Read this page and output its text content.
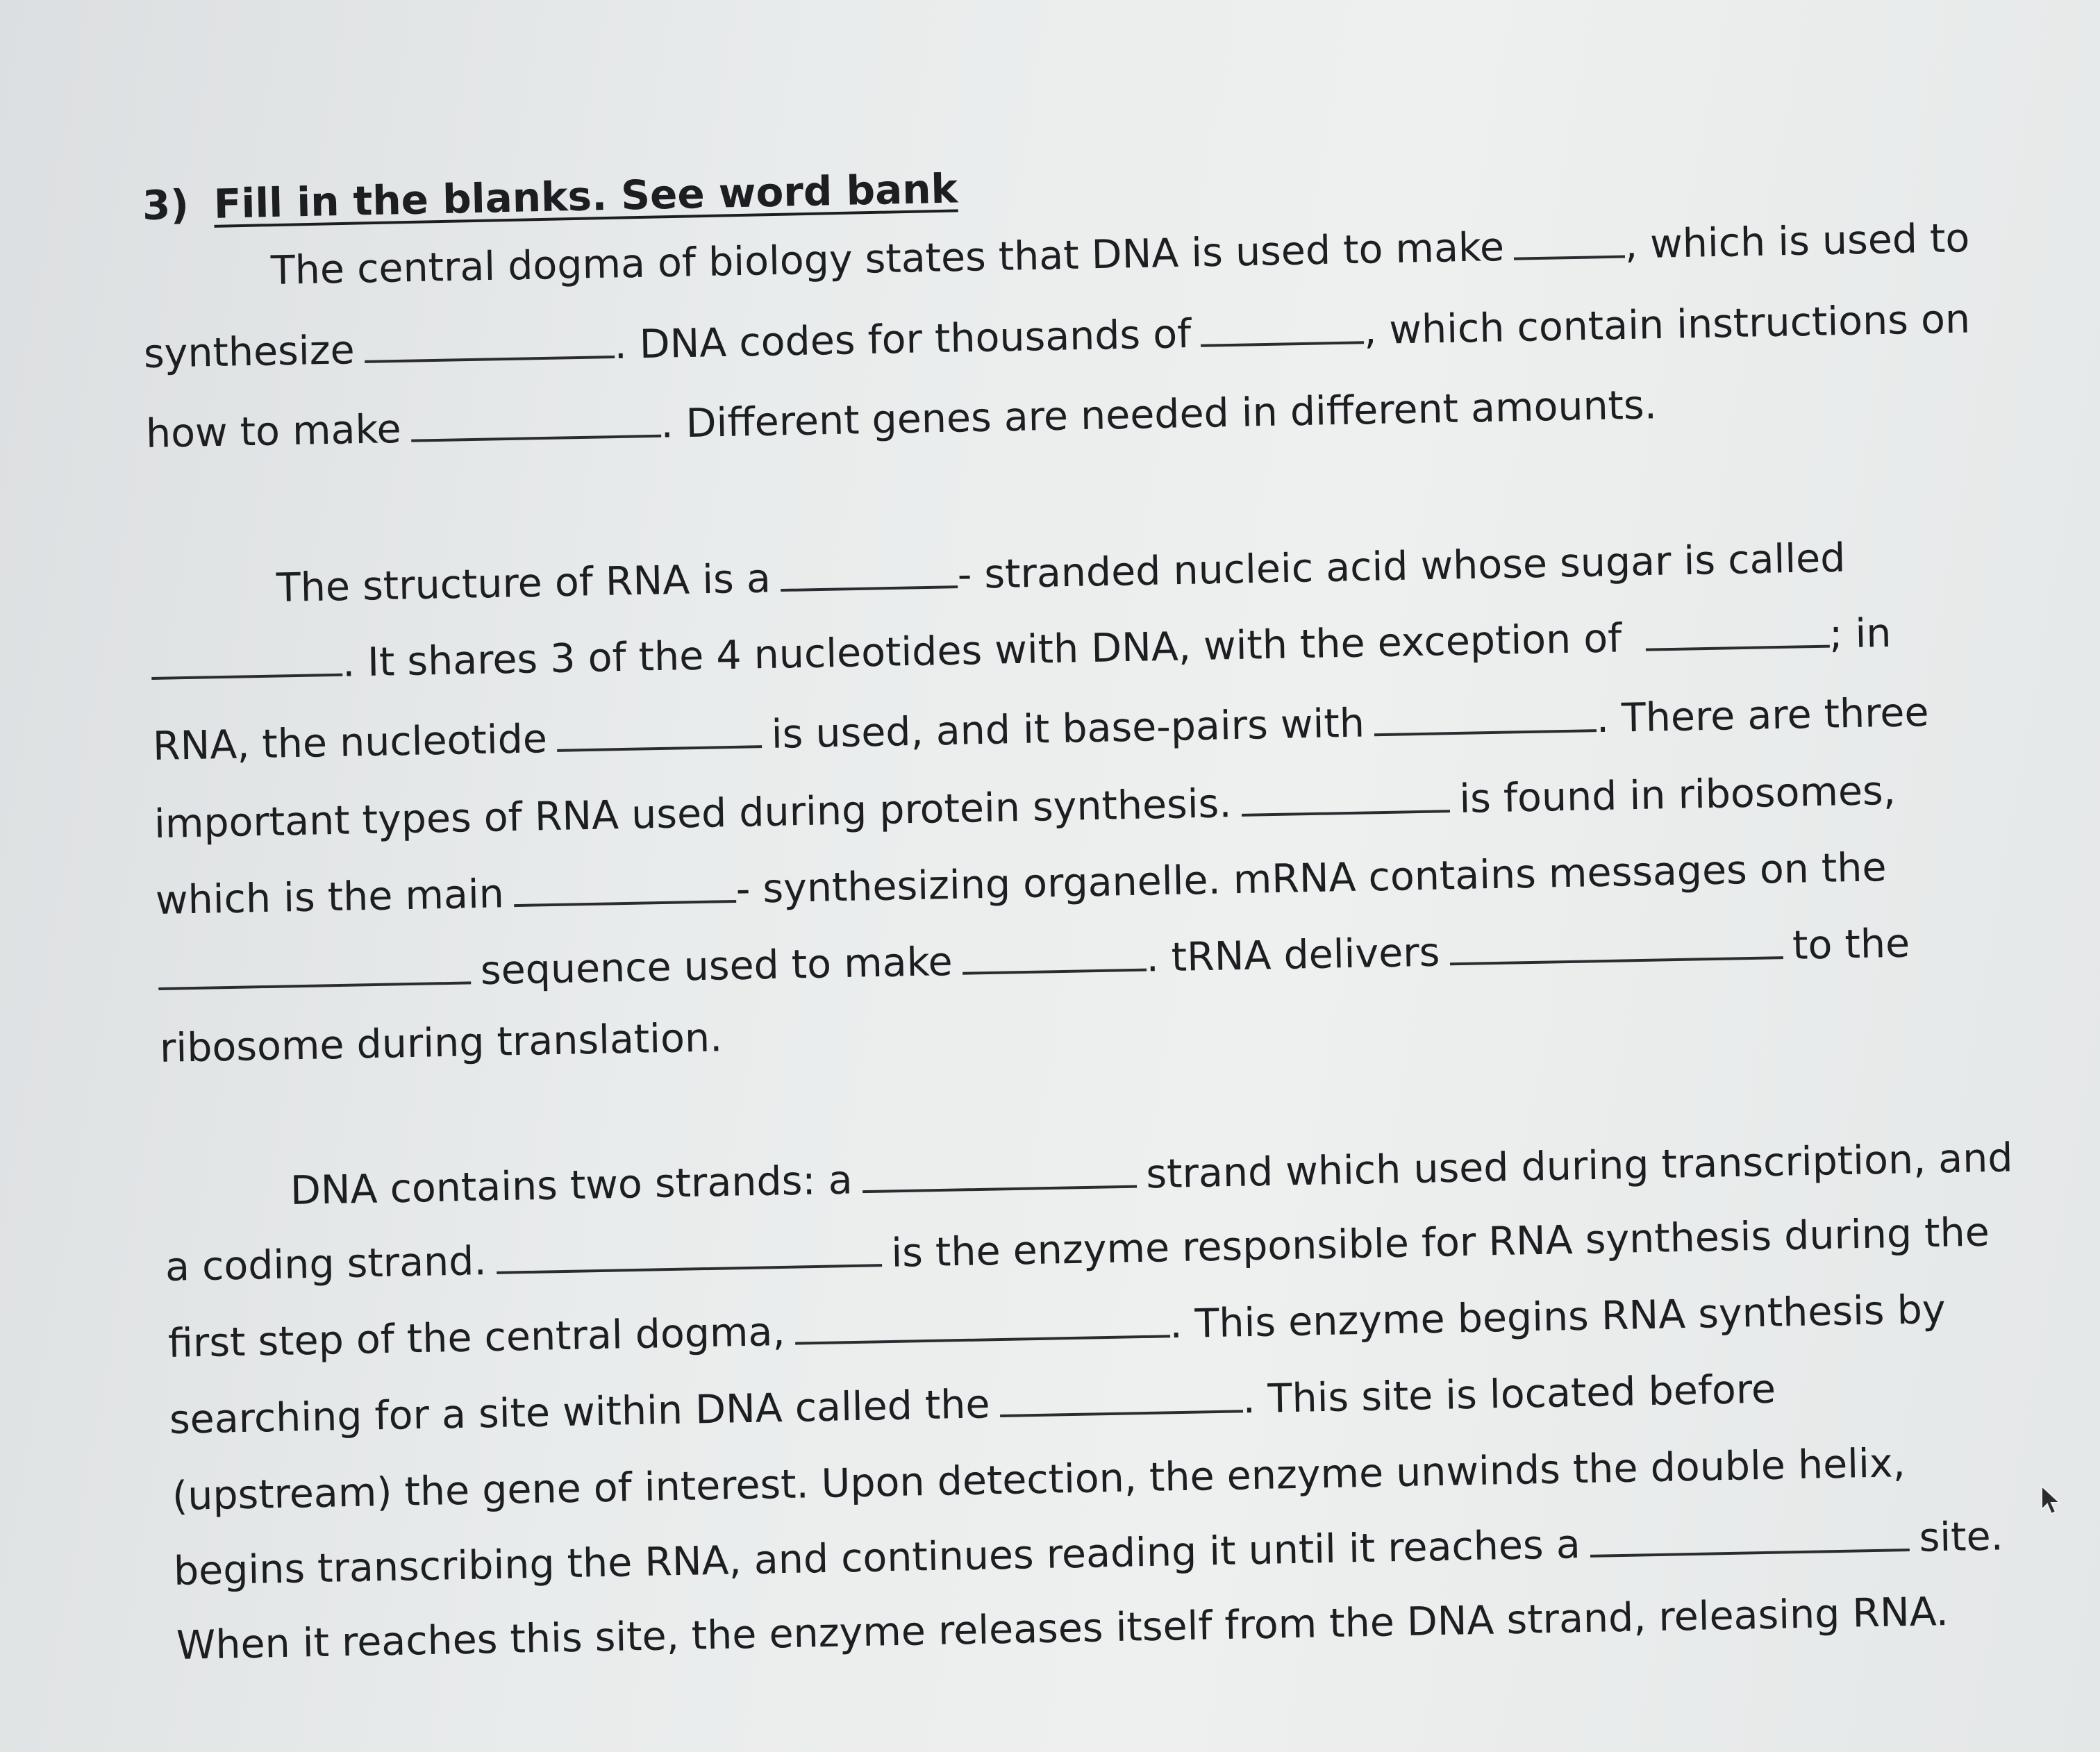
3) Fill in the blanks. See word bank
The central dogma of biology states that DNA is used to make	, which is used to
synthesize	. DNA codes for thousands of	, which contain instructions on
how to make	. Different genes are needed in different amounts.
The structure of RNA is a	- stranded nucleic acid whose sugar is called
. It shares 3 of the 4 nucleotides with DNA, with the exception of	; in
RNA, the nucleotide	is used, and it base-pairs with	. There are three
important types of RNA used during protein synthesis.	is found in ribosomes,
which is the main	- synthesizing organelle. mRNA contains messages on the
sequence used to make	. tRNA delivers	to the
ribosome during translation.
DNA contains two strands: a	strand which used during transcription, and
a coding strand.	is the enzyme responsible for RNA synthesis during the
first step of the central dogma,	. This enzyme begins RNA synthesis by
searching for a site within DNA called the	. This site is located before
(upstream) the gene of interest. Upon detection, the enzyme unwinds the double helix,
begins transcribing the RNA, and continues reading it until it reaches a	site.
When it reaches this site, the enzyme releases itself from the DNA strand, releasing RNA.
